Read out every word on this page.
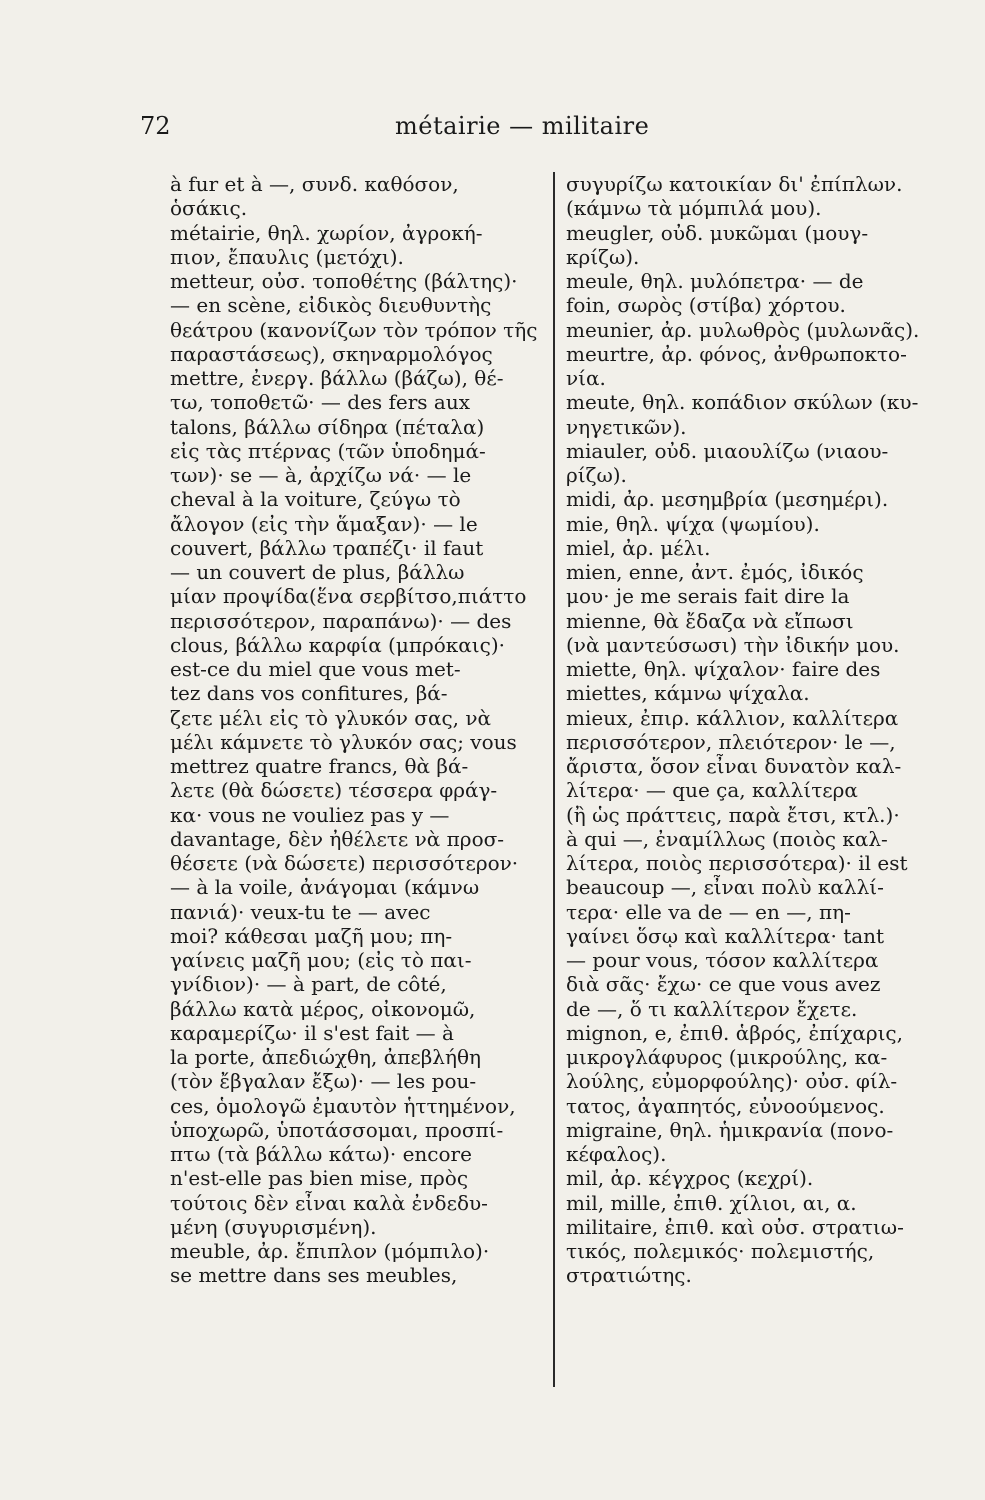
72	métairie — militaire
à fur et à —, συνδ. καθόσον,
ὁσάκις.
métairie, θηλ. χωρίον, ἀγροκή-
πιον, ἔπαυλις (μετόχι).
metteur, οὐσ. τοποθέτης (βάλτης)·
— en scène, εἰδικὸς διευθυντὴς
θεάτρου (κανονίζων τὸν τρόπον τῆς
παραστάσεως), σκηναρμολόγος
mettre, ἐνεργ. βάλλω (βάζω), θέ-
τω, τοποθετῶ· — des fers aux
talons, βάλλω σίδηρα (πέταλα)
εἰς τὰς πτέρνας (τῶν ὑποδημά-
των)· se — à, ἀρχίζω νά· — le
cheval à la voiture, ζεύγω τὸ
ἄλογον (εἰς τὴν ἅμαξαν)· — le
couvert, βάλλω τραπέζι· il faut
— un couvert de plus, βάλλω
μίαν προψίδα(ἕνα σερβίτσο,πιάττο
περισσότερον, παραπάνω)· — des
clous, βάλλω καρφία (μπρόκαις)·
est-ce du miel que vous met-
tez dans vos confitures, βά-
ζετε μέλι εἰς τὸ γλυκόν σας, νὰ
μέλι κάμνετε τὸ γλυκόν σας; vous
mettrez quatre francs, θὰ βά-
λετε (θὰ δώσετε) τέσσερα φράγ-
κα· vous ne vouliez pas y —
davantage, δὲν ἠθέλετε νὰ προσ-
θέσετε (νὰ δώσετε) περισσότερον·
— à la voile, ἀνάγομαι (κάμνω
πανιά)· veux-tu te — avec
moi? κάθεσαι μαζῆ μου; πη-
γαίνεις μαζῆ μου; (εἰς τὸ παι-
γνίδιον)· — à part, de côté,
βάλλω κατὰ μέρος, οἰκονομῶ,
καραμερίζω· il s'est fait — à
la porte, ἀπεδιώχθη, ἀπεβλήθη
(τὸν ἔβγαλαν ἔξω)· — les pou-
ces, ὁμολογῶ ἐμαυτὸν ἡττημένον,
ὑποχωρῶ, ὑποτάσσομαι, προσπί-
πτω (τὰ βάλλω κάτω)· encore
n'est-elle pas bien mise, πρὸς
τούτοις δὲν εἶναι καλὰ ἐνδεδυ-
μένη (συγυρισμένη).
meuble, ἀρ. ἔπιπλον (μόμπιλο)·
se mettre dans ses meubles,
συγυρίζω κατοικίαν δι' ἐπίπλων.
(κάμνω τὰ μόμπιλά μου).
meugler, οὐδ. μυκῶμαι (μουγ-
κρίζω).
meule, θηλ. μυλόπετρα· — de
foin, σωρὸς (στίβα) χόρτου.
meunier, ἀρ. μυλωθρὸς (μυλωνᾶς).
meurtre, ἀρ. φόνος, ἀνθρωποκτο-
νία.
meute, θηλ. κοπάδιον σκύλων (κυ-
νηγετικῶν).
miauler, οὐδ. μιαουλίζω (νιαου-
ρίζω).
midi, ἀρ. μεσημβρία (μεσημέρι).
mie, θηλ. ψίχα (ψωμίου).
miel, ἀρ. μέλι.
mien, enne, ἀντ. ἐμός, ἰδικός
μου· je me serais fait dire la
mienne, θὰ ἔδαζα νὰ εἴπωσι
(νὰ μαντεύσωσι) τὴν ἰδικήν μου.
miette, θηλ. ψίχαλον· faire des
miettes, κάμνω ψίχαλα.
mieux, ἐπιρ. κάλλιον, καλλίτερα
περισσότερον, πλειότερον· le —,
ἄριστα, ὅσον εἶναι δυνατὸν καλ-
λίτερα· — que ça, καλλίτερα
(ἢ ὡς πράττεις, παρὰ ἔτσι, κτλ.)·
à qui —, ἐναμίλλως (ποιὸς καλ-
λίτερα, ποιὸς περισσότερα)· il est
beaucoup —, εἶναι πολὺ καλλί-
τερα· elle va de — en —, πη-
γαίνει ὅσῳ καὶ καλλίτερα· tant
— pour vous, τόσον καλλίτερα
διὰ σᾶς· ἔχω· ce que vous avez
de —, ὅ τι καλλίτερον ἔχετε.
mignon, e, ἐπιθ. ἁβρός, ἐπίχαρις,
μικρογλάφυρος (μικρούλης, κα-
λούλης, εὐμορφούλης)· οὐσ. φίλ-
τατος, ἀγαπητός, εὐνοούμενος.
migraine, θηλ. ἡμικρανία (πονο-
κέφαλος).
mil, ἀρ. κέγχρος (κεχρί).
mil, mille, ἐπιθ. χίλιοι, αι, α.
militaire, ἐπιθ. καὶ οὐσ. στρατιω-
τικός, πολεμικός· πολεμιστής,
στρατιώτης.
